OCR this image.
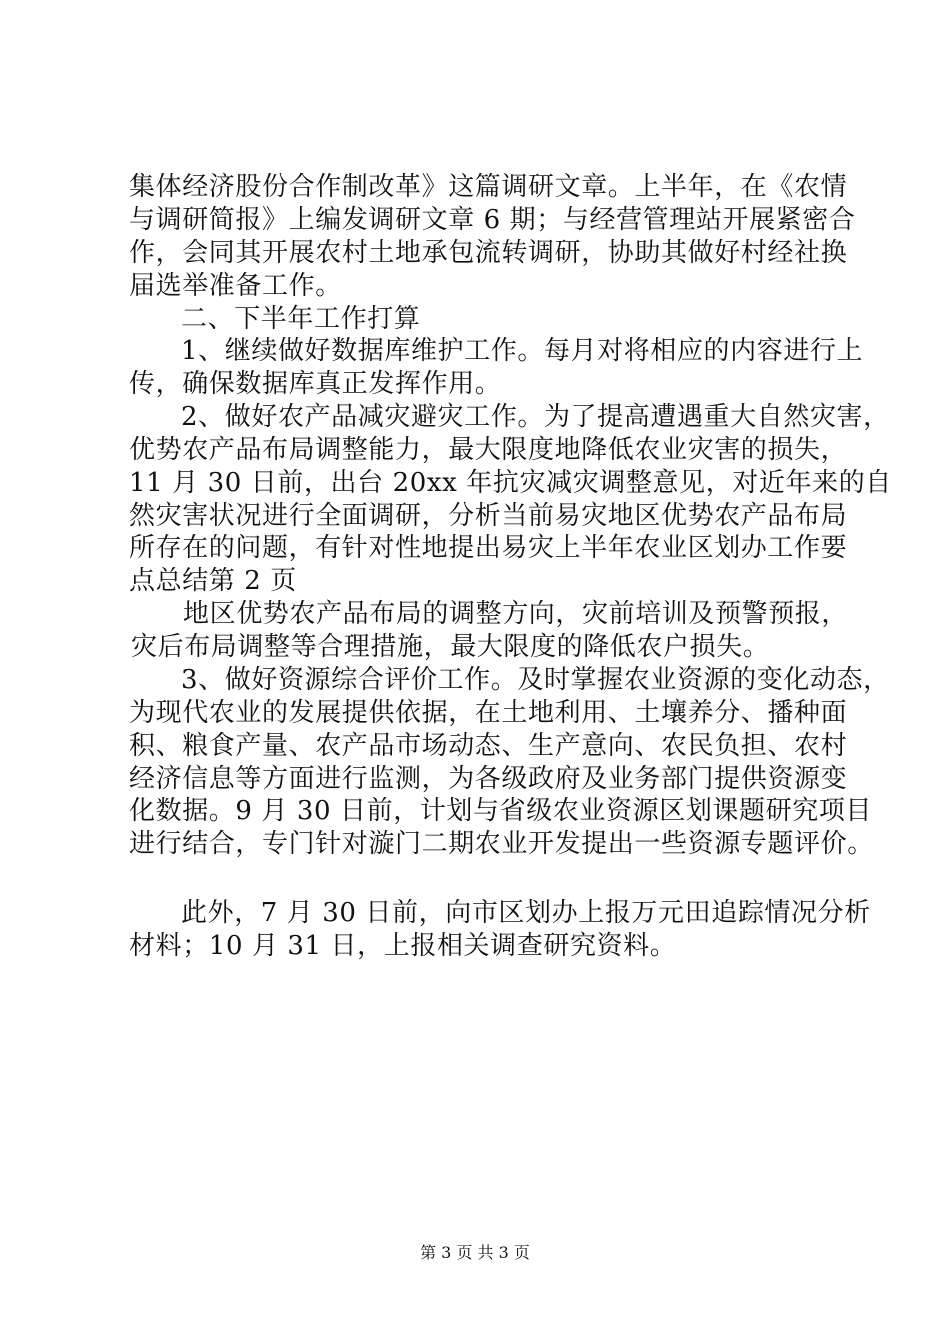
集体经济股份合作制改革》这篇调研文章。上半年，在《农情
与调研简报》上编发调研文章 6 期；与经营管理站开展紧密合
作，会同其开展农村土地承包流转调研，协助其做好村经社换
届选举准备工作。
二、下半年工作打算
1、继续做好数据库维护工作。每月对将相应的内容进行上
传，确保数据库真正发挥作用。
2、做好农产品减灾避灾工作。为了提高遭遇重大自然灾害，
优势农产品布局调整能力，最大限度地降低农业灾害的损失，
11 月 30 日前，出台 20xx 年抗灾减灾调整意见，对近年来的自
然灾害状况进行全面调研，分析当前易灾地区优势农产品布局
所存在的问题，有针对性地提出易灾上半年农业区划办工作要
点总结第 2 页
地区优势农产品布局的调整方向，灾前培训及预警预报，
灾后布局调整等合理措施，最大限度的降低农户损失。
3、做好资源综合评价工作。及时掌握农业资源的变化动态，
为现代农业的发展提供依据，在土地利用、土壤养分、播种面
积、粮食产量、农产品市场动态、生产意向、农民负担、农村
经济信息等方面进行监测，为各级政府及业务部门提供资源变
化数据。9 月 30 日前，计划与省级农业资源区划课题研究项目
进行结合，专门针对漩门二期农业开发提出一些资源专题评价。
此外，7 月 30 日前，向市区划办上报万元田追踪情况分析
材料；10 月 31 日，上报相关调查研究资料。
第 3 页 共 3 页
